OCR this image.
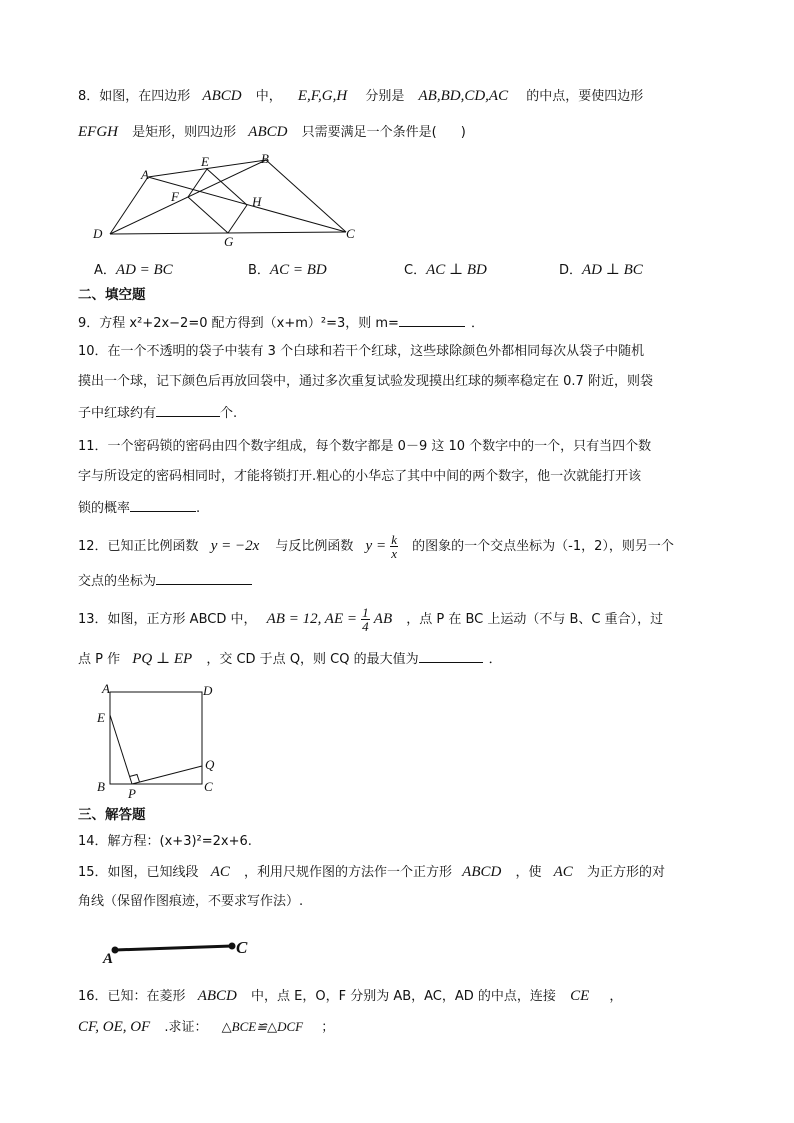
8．如图，在四边形 ABCD 中， E,F,G,H 分别是 AB,BD,CD,AC 的中点，要使四边形
EFGH 是矩形，则四边形 ABCD 只需要满足一个条件是( )
A
E	B
F	H
D
G
C
A．AD = BC	B．AC = BD	C．AC ⊥ BD	D．AD ⊥ BC
二、填空题
9．方程 x²+2x−2=0 配方得到（x+m）²=3，则 m=	．
10．在一个不透明的袋子中装有 3 个白球和若干个红球，这些球除颜色外都相同每次从袋子中随机
摸出一个球，记下颜色后再放回袋中，通过多次重复试验发现摸出红球的频率稳定在 0.7 附近，则袋
子中红球约有	个.
11．一个密码锁的密码由四个数字组成，每个数字都是 0－9 这 10 个数字中的一个，只有当四个数
字与所设定的密码相同时，才能将锁打开.粗心的小华忘了其中中间的两个数字，他一次就能打开该
锁的概率	.
12．已知正比例函数 y = −2x 与反比例函数 $y = \frac{k}{x}$ 的图象的一个交点坐标为（-1，2），则另一个
交点的坐标为
13．如图，正方形 ABCD 中， AB = 12, AE = $\frac{1}{4}$ AB ，点 P 在 BC 上运动（不与 B、C 重合），过
点 P 作 PQ ⊥ EP ，交 CD 于点 Q，则 CQ 的最大值为	．
A	D
E
Q
B P	C
三、解答题
14．解方程：(x+3)²=2x+6.
15．如图，已知线段 AC ，利用尺规作图的方法作一个正方形 ABCD ，使 AC 为正方形的对
角线（保留作图痕迹，不要求写作法）.
A
C
16．已知：在菱形 ABCD 中，点 E，O，F 分别为 AB，AC，AD 的中点，连接 CE ，
CF, OE, OF .求证： △BCE≌△DCF ；
